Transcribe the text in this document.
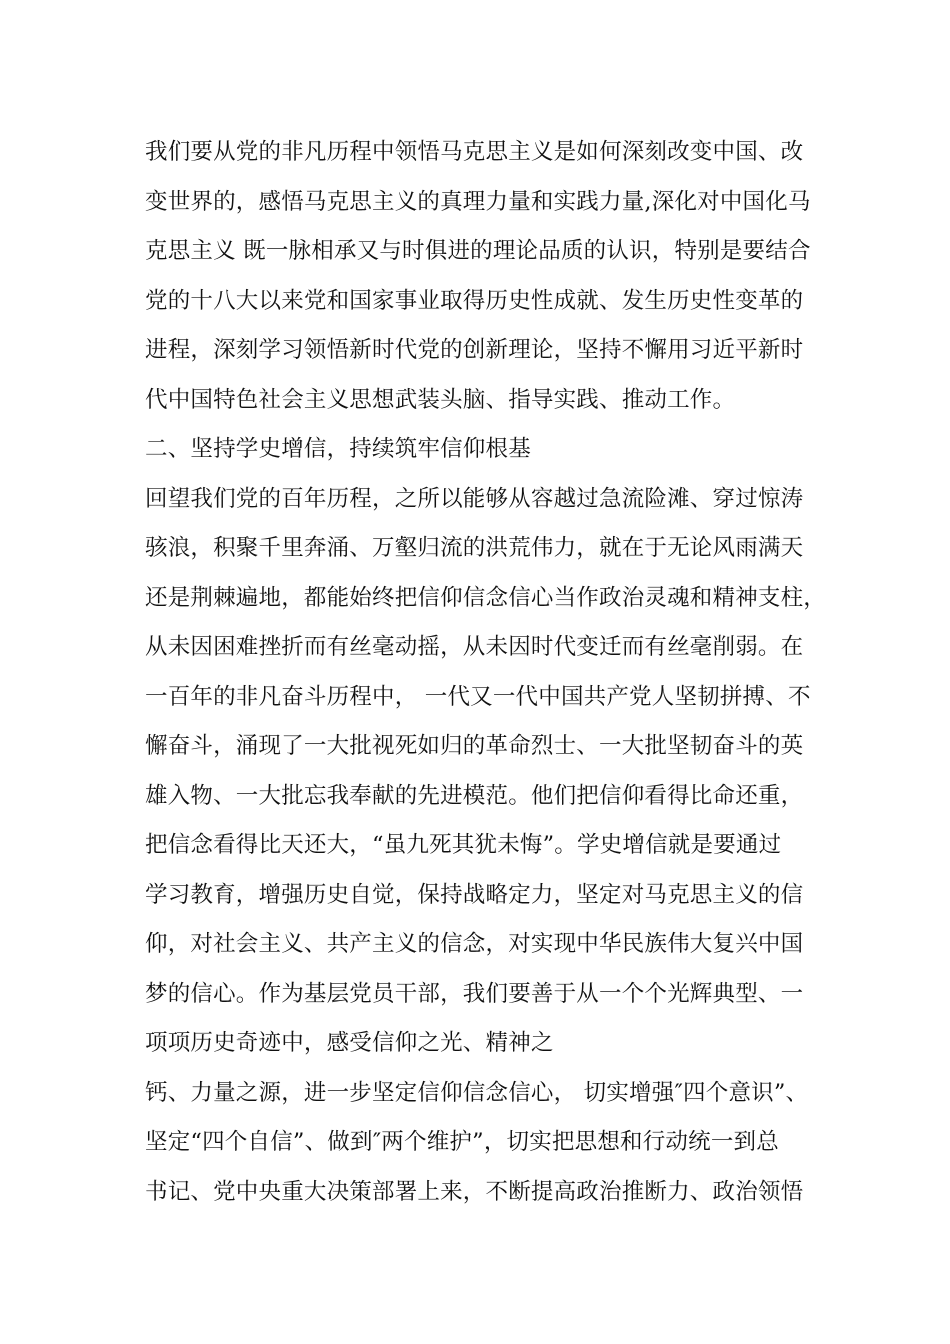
我们要从党的非凡历程中领悟马克思主义是如何深刻改变中国、改
变世界的，感悟马克思主义的真理力量和实践力量,深化对中国化马
克思主义 既一脉相承又与时俱进的理论品质的认识，特别是要结合
党的十八大以来党和国家事业取得历史性成就、发生历史性变革的
进程，深刻学习领悟新时代党的创新理论，坚持不懈用习近平新时
代中国特色社会主义思想武装头脑、指导实践、推动工作。
二、坚持学史增信，持续筑牢信仰根基
回望我们党的百年历程，之所以能够从容越过急流险滩、穿过惊涛
骇浪，积聚千里奔涌、万壑归流的洪荒伟力，就在于无论风雨满天
还是荆棘遍地，都能始终把信仰信念信心当作政治灵魂和精神支柱，
从未因困难挫折而有丝毫动摇，从未因时代变迁而有丝毫削弱。在
一百年的非凡奋斗历程中， 一代又一代中国共产党人坚韧拼搏、不
懈奋斗，涌现了一大批视死如归的革命烈士、一大批坚韧奋斗的英
雄入物、一大批忘我奉献的先进模范。他们把信仰看得比命还重，
把信念看得比天还大，“虽九死其犹未悔”。学史增信就是要通过
学习教育，增强历史自觉，保持战略定力，坚定对马克思主义的信
仰，对社会主义、共产主义的信念，对实现中华民族伟大复兴中国
梦的信心。作为基层党员干部，我们要善于从一个个光辉典型、一
项项历史奇迹中，感受信仰之光、精神之
钙、力量之源，进一步坚定信仰信念信心， 切实增强″四个意识”、
坚定“四个自信”、做到″两个维护”，切实把思想和行动统一到总
书记、党中央重大决策部署上来，不断提高政治推断力、政治领悟
